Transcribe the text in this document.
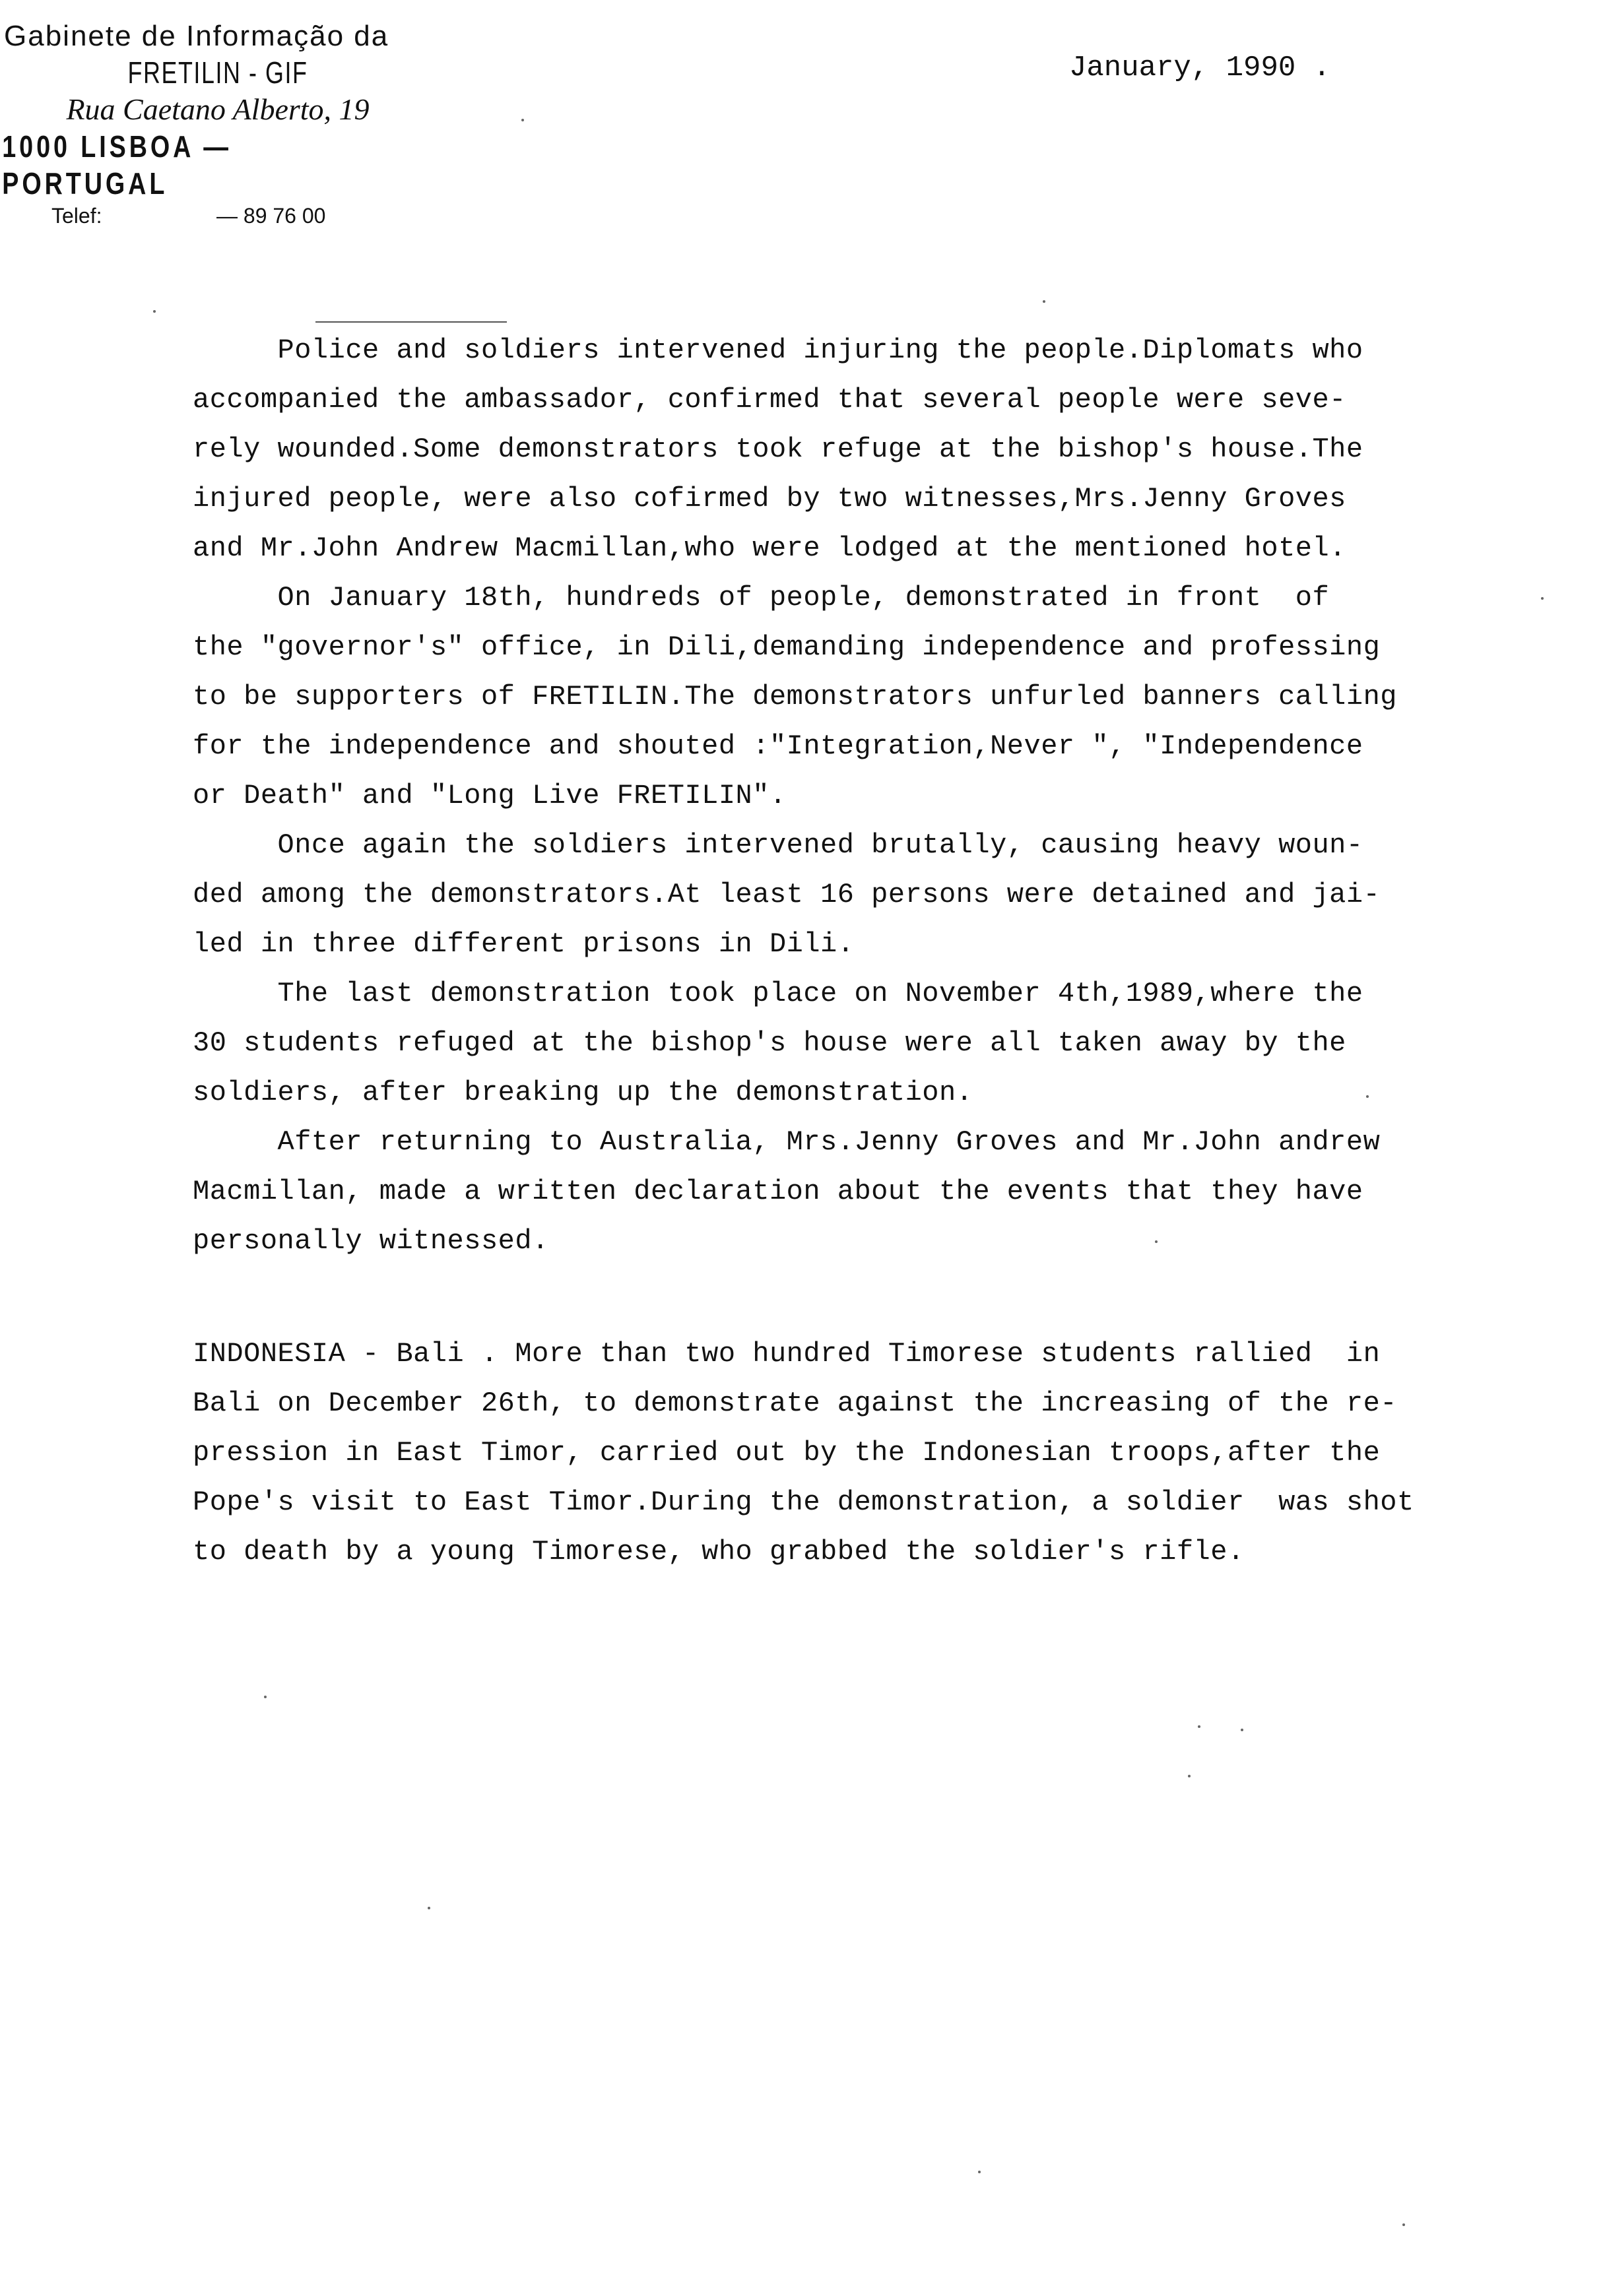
Gabinete de Informação da
FRETILIN - GIF
Rua Caetano Alberto, 19
1000 LISBOA — PORTUGAL
Telef:	— 89 76 00
January, 1990 .

Police and soldiers intervened injuring the people.Diplomats who

accompanied the ambassador, confirmed that several people were seve-

rely wounded.Some demonstrators took refuge at the bishop's house.The

injured people, were also cofirmed by two witnesses,Mrs.Jenny Groves

and Mr.John Andrew Macmillan,who were lodged at the mentioned hotel.

On January 18th, hundreds of people, demonstrated in front  of

the "governor's" office, in Dili,demanding independence and professing

to be supporters of FRETILIN.The demonstrators unfurled banners calling

for the independence and shouted :"Integration,Never ", "Independence

or Death" and "Long Live FRETILIN".

Once again the soldiers intervened brutally, causing heavy woun-

ded among the demonstrators.At least 16 persons were detained and jai-

led in three different prisons in Dili.

The last demonstration took place on November 4th,1989,where the

30 students refuged at the bishop's house were all taken away by the

soldiers, after breaking up the demonstration.

After returning to Australia, Mrs.Jenny Groves and Mr.John andrew

Macmillan, made a written declaration about the events that they have

personally witnessed.

INDONESIA - Bali . More than two hundred Timorese students rallied  in

Bali on December 26th, to demonstrate against the increasing of the re-

pression in East Timor, carried out by the Indonesian troops,after the

Pope's visit to East Timor.During the demonstration, a soldier  was shot

to death by a young Timorese, who grabbed the soldier's rifle.
